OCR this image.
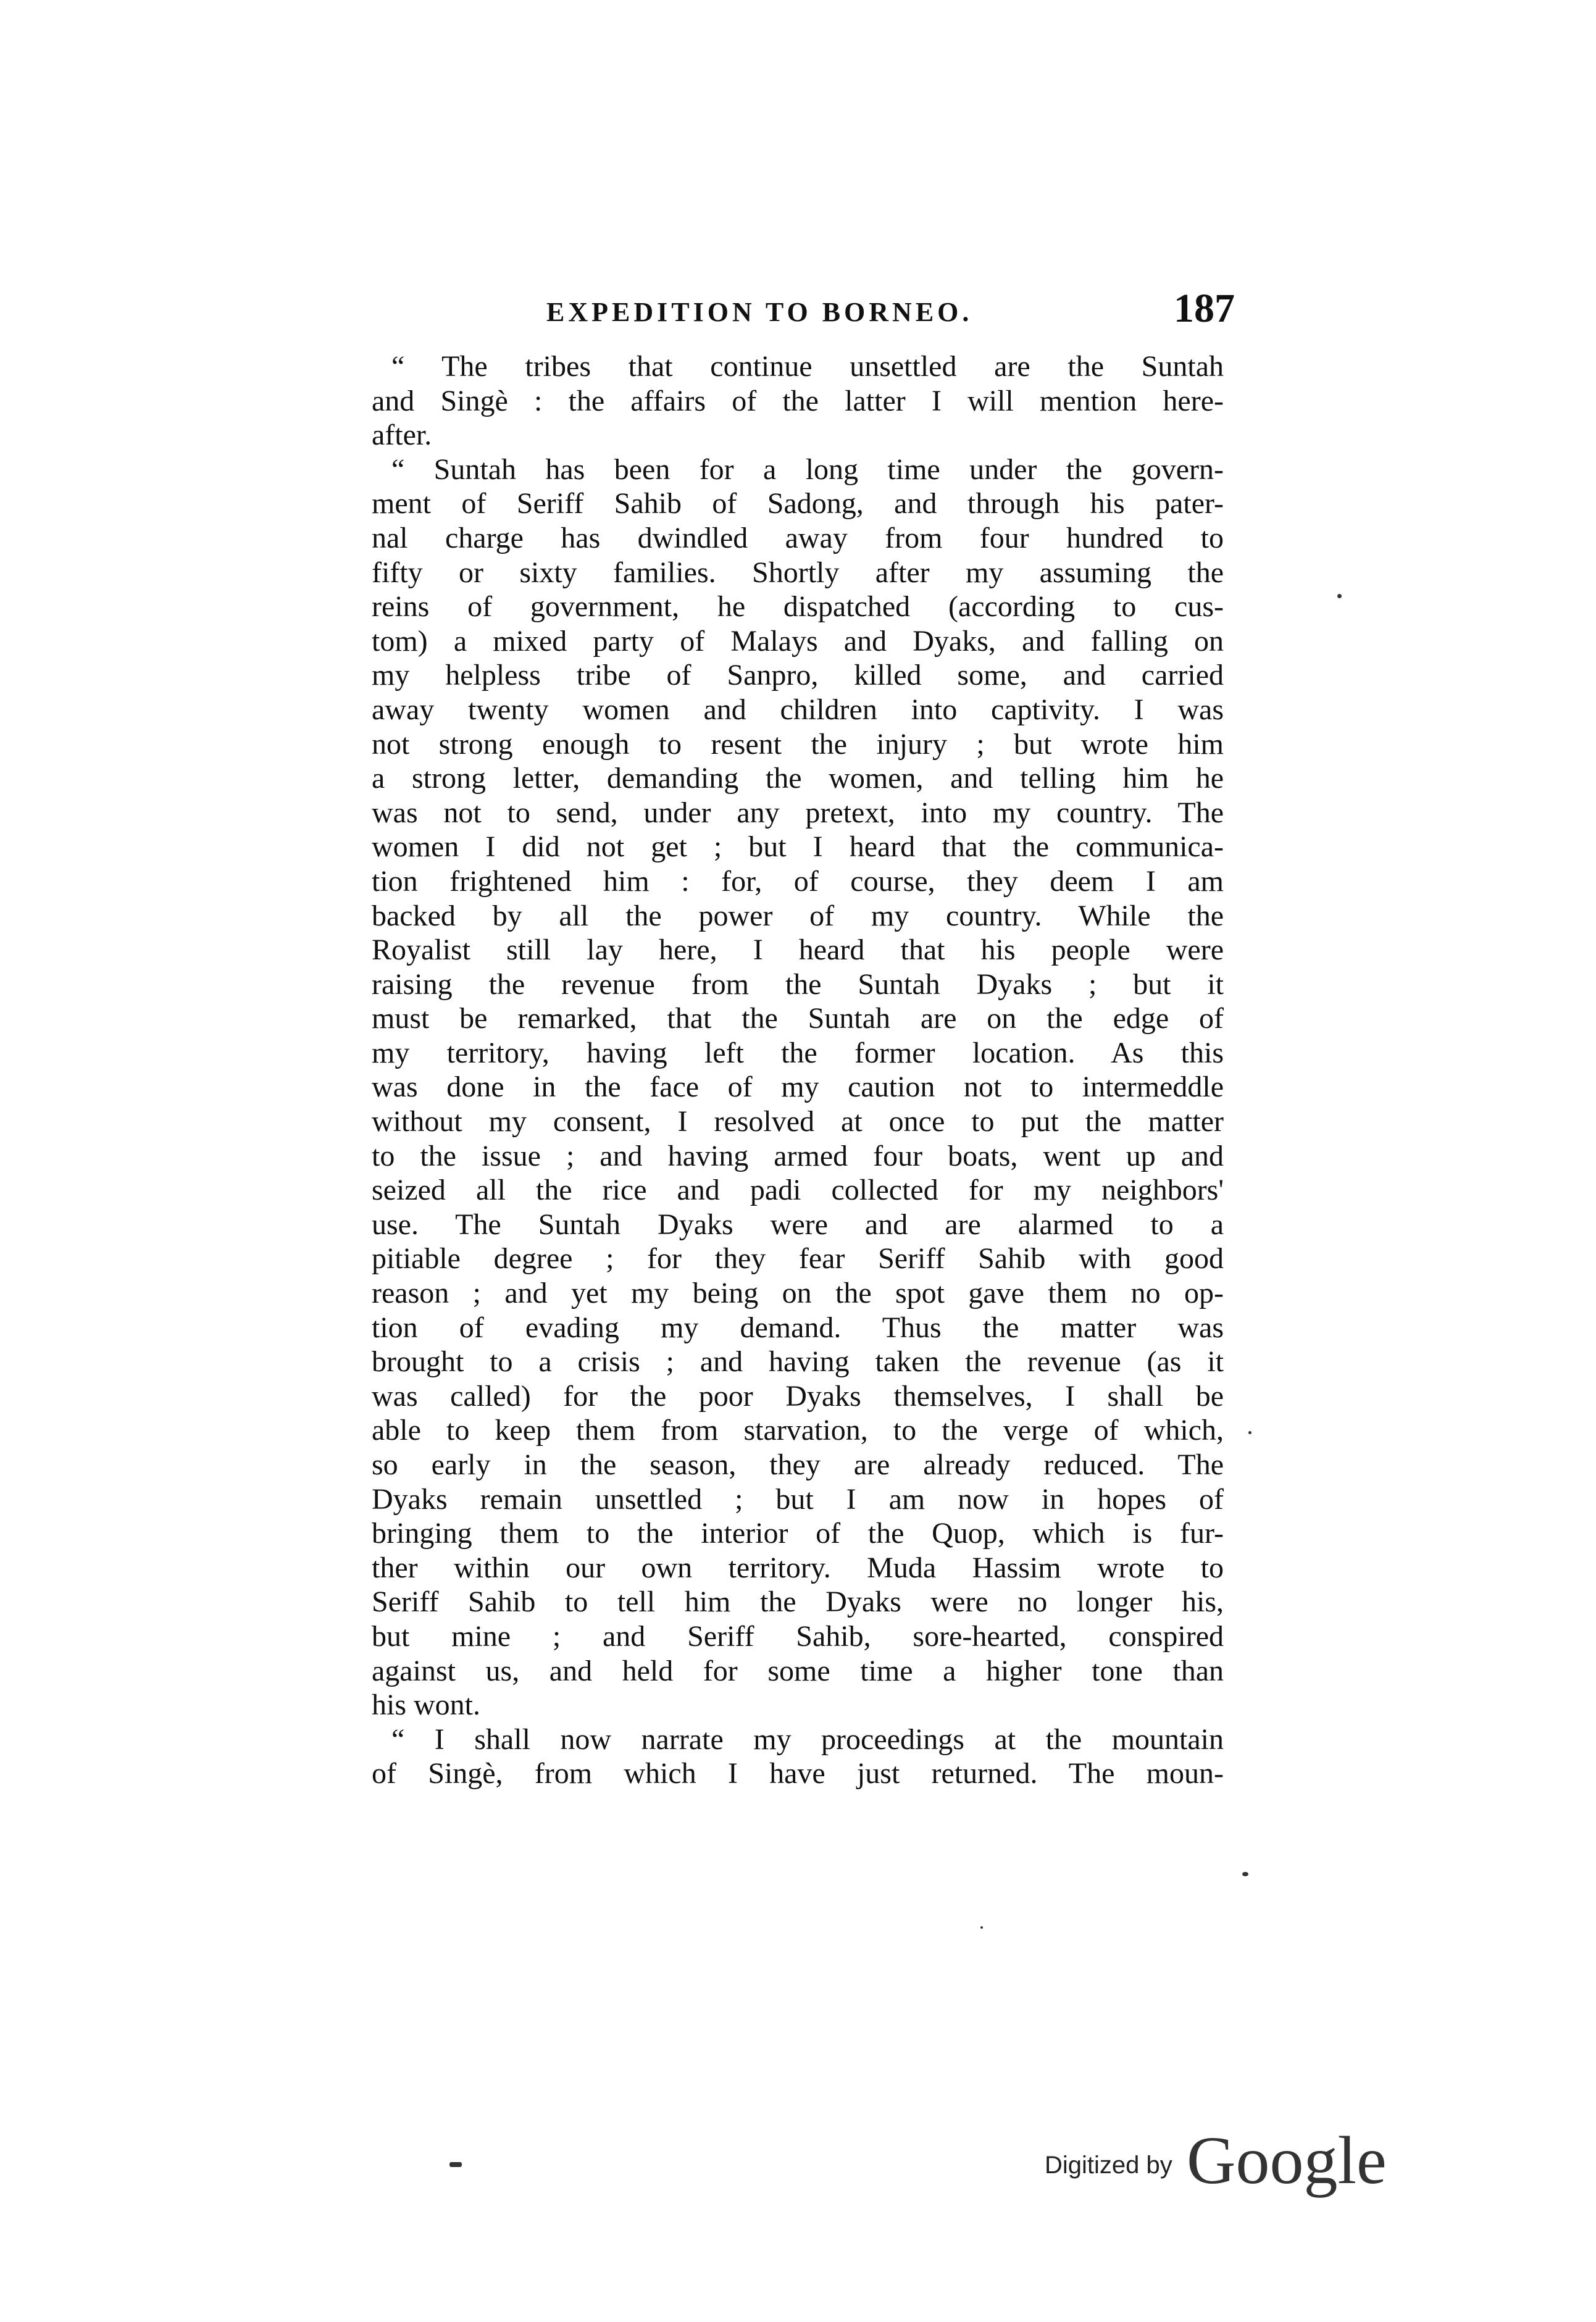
EXPEDITION TO BORNEO.	187
“ The tribes that continue unsettled are the Suntah
and Singè : the affairs of the latter I will mention here-
after.
“ Suntah has been for a long time under the govern-
ment of Seriff Sahib of Sadong, and through his pater-
nal charge has dwindled away from four hundred to
fifty or sixty families. Shortly after my assuming the
reins of government, he dispatched (according to cus-
tom) a mixed party of Malays and Dyaks, and falling on
my helpless tribe of Sanpro, killed some, and carried
away twenty women and children into captivity. I was
not strong enough to resent the injury ; but wrote him
a strong letter, demanding the women, and telling him he
was not to send, under any pretext, into my country. The
women I did not get ; but I heard that the communica-
tion frightened him : for, of course, they deem I am
backed by all the power of my country. While the
Royalist still lay here, I heard that his people were
raising the revenue from the Suntah Dyaks ; but it
must be remarked, that the Suntah are on the edge of
my territory, having left the former location. As this
was done in the face of my caution not to intermeddle
without my consent, I resolved at once to put the matter
to the issue ; and having armed four boats, went up and
seized all the rice and padi collected for my neighbors'
use. The Suntah Dyaks were and are alarmed to a
pitiable degree ; for they fear Seriff Sahib with good
reason ; and yet my being on the spot gave them no op-
tion of evading my demand. Thus the matter was
brought to a crisis ; and having taken the revenue (as it
was called) for the poor Dyaks themselves, I shall be
able to keep them from starvation, to the verge of which,
so early in the season, they are already reduced. The
Dyaks remain unsettled ; but I am now in hopes of
bringing them to the interior of the Quop, which is fur-
ther within our own territory. Muda Hassim wrote to
Seriff Sahib to tell him the Dyaks were no longer his,
but mine ; and Seriff Sahib, sore-hearted, conspired
against us, and held for some time a higher tone than
his wont.
“ I shall now narrate my proceedings at the mountain
of Singè, from which I have just returned. The moun-
Digitized by Google
